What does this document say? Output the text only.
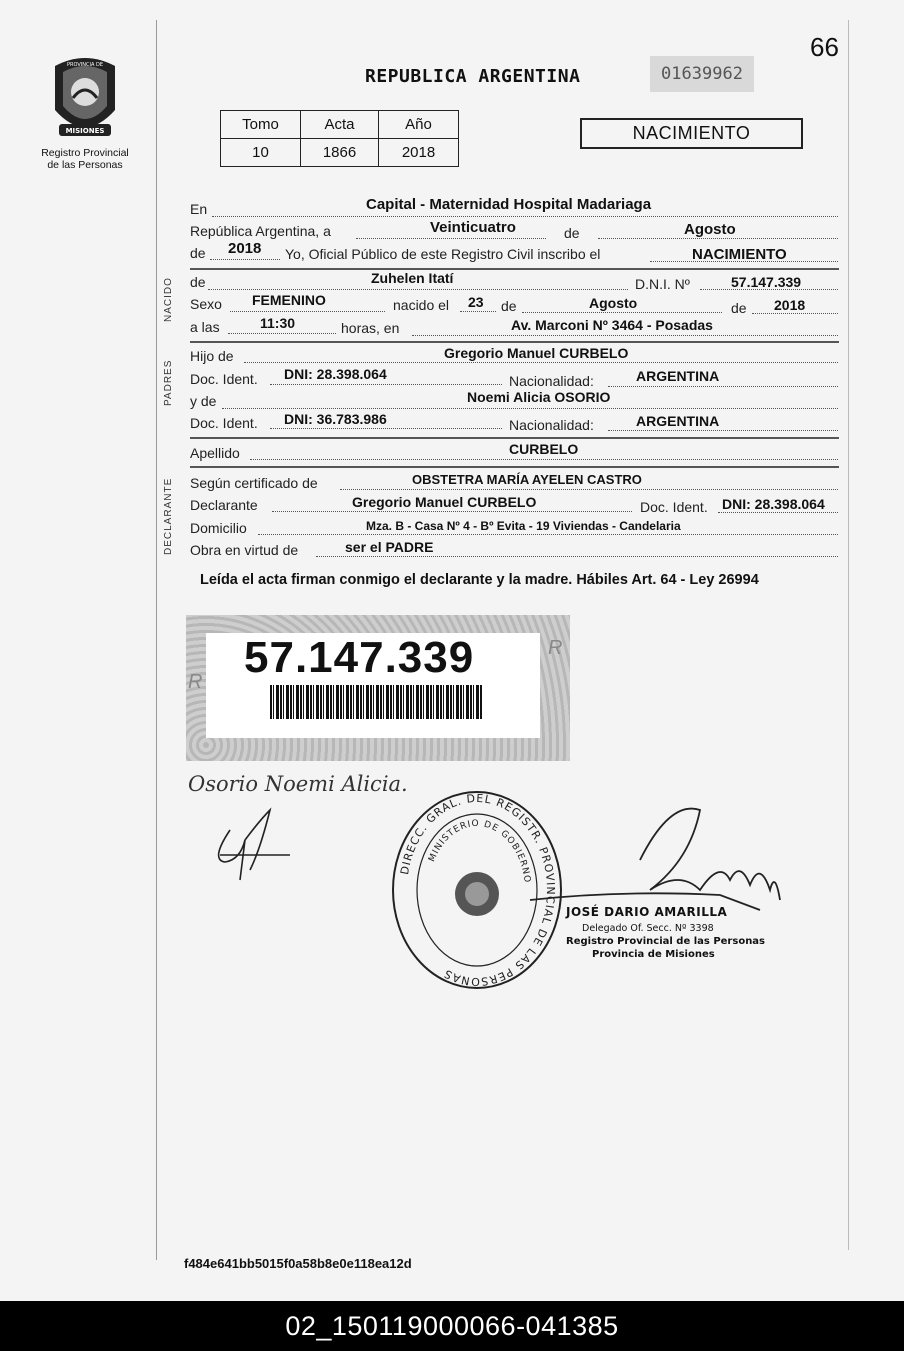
66
PROVINCIA DE
MISIONES
Registro Provincial
de las Personas
REPUBLICA ARGENTINA	01639962
Tomo	Acta	Año
10	1866	2018
NACIMIENTO
En	Capital - Maternidad Hospital Madariaga
República Argentina, a	Veinticuatro	de	Agosto
de 2018 Yo, Oficial Público de este Registro Civil inscribo el	NACIMIENTO
NACIDO de	Zuhelen Itatí	D.N.I. Nº	57.147.339
Sexo FEMENINO	nacido el 23 de	Agosto	de 2018
a las	11:30	horas, en	Av. Marconi Nº 3464 - Posadas
PADRES
Hijo de	Gregorio Manuel CURBELO
Doc. Ident. DNI: 28.398.064	Nacionalidad:	ARGENTINA
y de	Noemi Alicia OSORIO
Doc. Ident. DNI: 36.783.986	Nacionalidad:	ARGENTINA
Apellido	CURBELO
DECLARANTE Según certificado de	OBSTETRA MARÍA AYELEN CASTRO
Declarante	Gregorio Manuel CURBELO	Doc. Ident. DNI: 28.398.064
Domicilio	Mza. B - Casa Nº 4 - Bº Evita - 19 Viviendas - Candelaria
Obra en virtud de	ser el PADRE
Leída el acta firman conmigo el declarante y la madre. Hábiles Art. 64 - Ley 26994
R
R 57.147.339
Osorio Noemi Alicia.
DIRECC. GRAL. DEL REGISTR. PROVINCIAL DE LAS PERSONAS
MINISTERIO DE GOBIERNO
JOSÉ DARIO AMARILLA
Delegado Of. Secc. Nº 3398
Registro Provincial de las Personas
Provincia de Misiones
f484e641bb5015f0a58b8e0e118ea12d
02_150119000066-041385
